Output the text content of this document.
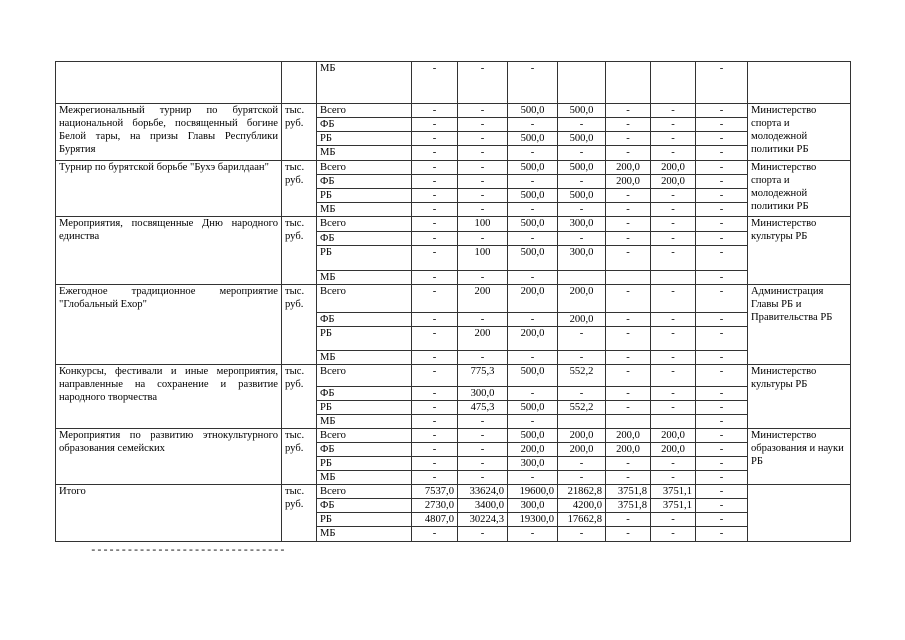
		МБ	-	-	-				-	
Межрегиональный турнир по бурятской национальной борьбе, посвященный богине Белой тары, на призы Главы Республики Бурятия	тыс. руб.	Всего	-	-	500,0	500,0	-	-	-	Министерство спорта и молодежной политики РБ
		ФБ	-	-	-	-	-	-	-	
		РБ	-	-	500,0	500,0	-	-	-	
		МБ	-	-	-	-	-	-	-	
Турнир по бурятской борьбе "Бухэ барилдаан"	тыс. руб.	Всего	-	-	500,0	500,0	200,0	200,0	-	Министерство спорта и молодежной политики РБ
		ФБ	-	-	-	-	200,0	200,0	-	
		РБ	-	-	500,0	500,0	-	-	-	
		МБ	-	-	-	-	-	-	-	
Мероприятия, посвященные Дню народного единства	тыс. руб.	Всего	-	100	500,0	300,0	-	-	-	Министерство культуры РБ
		ФБ	-	-	-	-	-	-	-	
		РБ	-	100	500,0	300,0	-	-	-	
		МБ	-	-	-				-	
Ежегодное традиционное мероприятие "Глобальный Ехор"	тыс. руб.	Всего	-	200	200,0	200,0	-	-	-	Администрация Главы РБ и Правительства РБ
		ФБ	-	-	-	200,0	-	-	-	
		РБ	-	200	200,0	-	-	-	-	
		МБ	-	-	-	-	-	-	-	
Конкурсы, фестивали и иные мероприятия, направленные на сохранение и развитие народного творчества	тыс. руб.	Всего	-	775,3	500,0	552,2	-	-	-	Министерство культуры РБ
		ФБ	-	300,0	-	-	-	-	-	
		РБ	-	475,3	500,0	552,2	-	-	-	
		МБ	-	-	-				-	
Мероприятия по развитию этнокультурного образования семейских	тыс. руб.	Всего	-	-	500,0	200,0	200,0	200,0	-	Министерство образования и науки РБ
		ФБ	-	-	200,0	200,0	200,0	200,0	-	
		РБ	-	-	300,0	-	-	-	-	
		МБ	-	-	-	-	-	-	-	
Итого	тыс. руб.	Всего	7537,0	33624,0	19600,0	21862,8	3751,8	3751,1	-	
		ФБ	2730,0	3400,0	300,0	4200,0	3751,8	3751,1	-	
		РБ	4807,0	30224,3	19300,0	17662,8	-	-	-	
		МБ	-	-	-	-	-	-	-	
--------------------------------
